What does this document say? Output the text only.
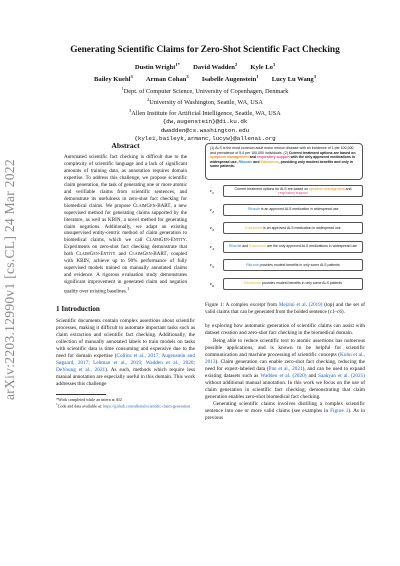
arXiv:2203.12990v1 [cs.CL] 24 Mar 2022
Generating Scientific Claims for Zero-Shot Scientific Fact Checking
Dustin Wright$^{1*}$   David Wadden$^2$   Kyle Lo$^3$
Bailey Kuehl$^3$   Arman Cohan$^3$   Isabelle Augenstein$^1$   Lucy Lu Wang$^3$
$^1$Dept. of Computer Science, University of Copenhagen, Denmark
$^2$University of Washington, Seattle, WA, USA
$^3$Allen Institute for Artificial Intelligence, Seattle, WA, USA
{dw,augenstein}@di.ku.dk
dwadden@cs.washington.edu
{kyle1,baileyk,armanc,lucyw}@allenai.org
Abstract

Automated scientific fact checking is difficult due to the complexity of scientific language and a lack of significant amounts of training data, as annotation requires domain expertise. To address this challenge, we propose scientific claim generation, the task of generating one or more atomic and verifiable claims from scientific sentences, and demonstrate its usefulness in zero-shot fact checking for biomedical claims. We propose ClaimGen-BART, a new supervised method for generating claims supported by the literature, as well as KBIN, a novel method for generating claim negations. Additionally, we adapt an existing unsupervised entity-centric method of claim generation to biomedical claims, which we call ClaimGen-Entity. Experiments on zero-shot fact checking demonstrate that both ClaimGen-Entity and ClaimGen-BART, coupled with KBIN, achieve up to 90% performance of fully supervised models trained on manually annotated claims and evidence. A rigorous evaluation study demonstrates significant improvement in generated claim and negation quality over existing baselines.$^1$

1 Introduction

Scientific documents contain complex assertions about scientific processes, making it difficult to automate important tasks such as claim extraction and scientific fact checking. Additionally, the collection of manually annotated labels to train models on tasks with scientific data is time consuming and expensive due to the need for domain expertise (Collins et al., 2017; Augenstein and Søgaard, 2017; Lehman et al., 2019; Wadden et al., 2020; DeYoung et al., 2021). As such, methods which require less manual annotation are especially useful in this domain. This work addresses this challenge

*Work completed while an intern at AI2

$^1$Code and data available at: https://github.com/allenai/scientific-claim-generation

(1) ALS is the most common adult motor neuron disease with an incidence of 1 per 100,000 and prevalence of 5.4 per 100,000 individuals. (2) Current treatment options are based on symptom management and respiratory support with the only approved medications in widespread use, Riluzole and Edaravone, providing only modest benefits and only in some patients.
$c_1$
Current treatment options for ALS are based on symptom management and respiratory support
$c_2$
Riluzole is an approved ALS medication in widespread use
$c_3$
Edaravone is an approved ALS medication in widespread use
$c_4$
Riluzole and Edaravone are the only approved ALS medications in widespread use
$c_5$
Riluzole provides modest benefits in only some ALS patients
$c_6$
Edaravone provides modest benefits in only some ALS patients

Figure 1: A complex excerpt from Mejzini et al. (2019) (top) and the set of valid claims that can be generated from the bolded sentence (c1–c6).

by exploring how automatic generation of scientific claims can assist with dataset creation and zero-shot fact checking in the biomedical domain.

Being able to reduce scientific text to atomic assertions has numerous possible applications, and is known to be helpful for scientific communication and machine processing of scientific concepts (Kuhn et al., 2013). Claim generation can enable zero-shot fact checking, reducing the need for expert-labeled data (Pan et al., 2021), and can be used to expand existing datasets such as Wadden et al. (2020) and Saakyan et al. (2021) without additional manual annotation. In this work we focus on the use of claim generation in scientific fact checking, demonstrating that claim generation enables zero-shot biomedical fact checking.

Generating scientific claims involves distilling a complex scientific sentence into one or more valid claims (see examples in Figure 1). As in previous
